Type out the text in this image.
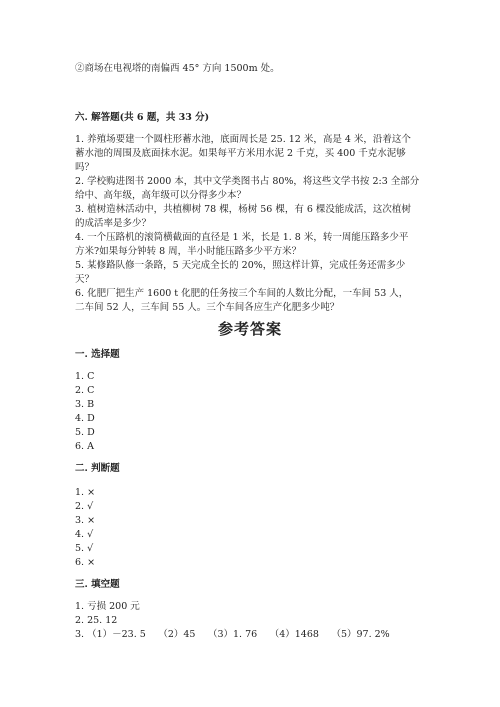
②商场在电视塔的南偏西 45° 方向 1500m 处。
六. 解答题(共 6 题，共 33 分)
1. 养殖场要建一个圆柱形蓄水池，底面周长是 25. 12 米，高是 4 米，沿着这个
蓄水池的周围及底面抹水泥。如果每平方米用水泥 2 千克，买 400 千克水泥够
吗？
2. 学校购进图书 2000 本，其中文学类图书占 80%，将这些文学书按 2:3 全部分
给中、高年级，高年级可以分得多少本？
3. 植树造林活动中，共植柳树 78 棵，杨树 56 棵，有 6 棵没能成活，这次植树
的成活率是多少？
4. 一个压路机的滚筒横截面的直径是 1 米，长是 1. 8 米，转一周能压路多少平
方米?如果每分钟转 8 周，半小时能压路多少平方米？
5. 某修路队修一条路，5 天完成全长的 20%，照这样计算，完成任务还需多少
天？
6. 化肥厂把生产 1600 t 化肥的任务按三个车间的人数比分配，一车间 53 人，
二车间 52 人，三车间 55 人。三个车间各应生产化肥多少吨？
参考答案
一. 选择题
1. C
2. C
3. B
4. D
5. D
6. A
二. 判断题
1. ×
2. √
3. ×
4. √
5. √
6. ×
三. 填空题
1. 亏损 200 元
2. 25. 12
3. （1）－23. 5　 （2）45　 （3）1. 76　 （4）1468　 （5）97. 2%
